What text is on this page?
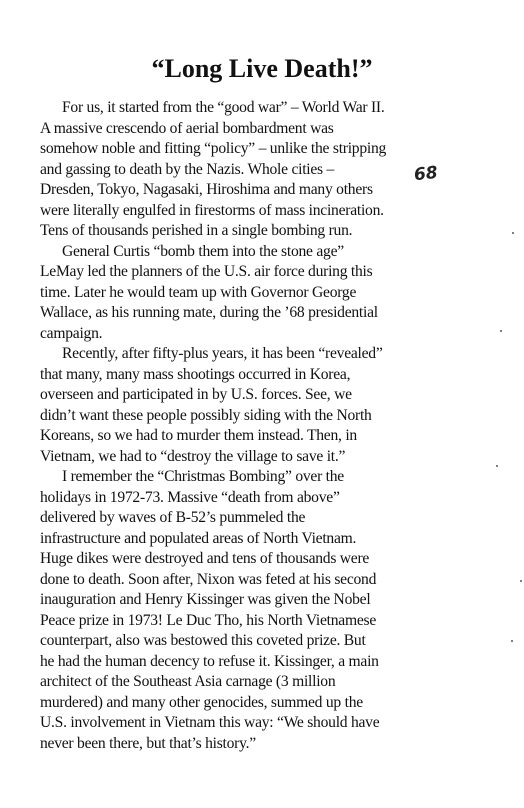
“Long Live Death!”
For us, it started from the “good war” – World War II.
A massive crescendo of aerial bombardment was
somehow noble and fitting “policy” – unlike the stripping
and gassing to death by the Nazis. Whole cities –
Dresden, Tokyo, Nagasaki, Hiroshima and many others
were literally engulfed in firestorms of mass incineration.
Tens of thousands perished in a single bombing run.
General Curtis “bomb them into the stone age”
LeMay led the planners of the U.S. air force during this
time. Later he would team up with Governor George
Wallace, as his running mate, during the ’68 presidential
campaign.
Recently, after fifty-plus years, it has been “revealed”
that many, many mass shootings occurred in Korea,
overseen and participated in by U.S. forces. See, we
didn’t want these people possibly siding with the North
Koreans, so we had to murder them instead. Then, in
Vietnam, we had to “destroy the village to save it.”
I remember the “Christmas Bombing” over the
holidays in 1972-73. Massive “death from above”
delivered by waves of B-52’s pummeled the
infrastructure and populated areas of North Vietnam.
Huge dikes were destroyed and tens of thousands were
done to death. Soon after, Nixon was feted at his second
inauguration and Henry Kissinger was given the Nobel
Peace prize in 1973! Le Duc Tho, his North Vietnamese
counterpart, also was bestowed this coveted prize. But
he had the human decency to refuse it. Kissinger, a main
architect of the Southeast Asia carnage (3 million
murdered) and many other genocides, summed up the
U.S. involvement in Vietnam this way: “We should have
never been there, but that’s history.”
68
